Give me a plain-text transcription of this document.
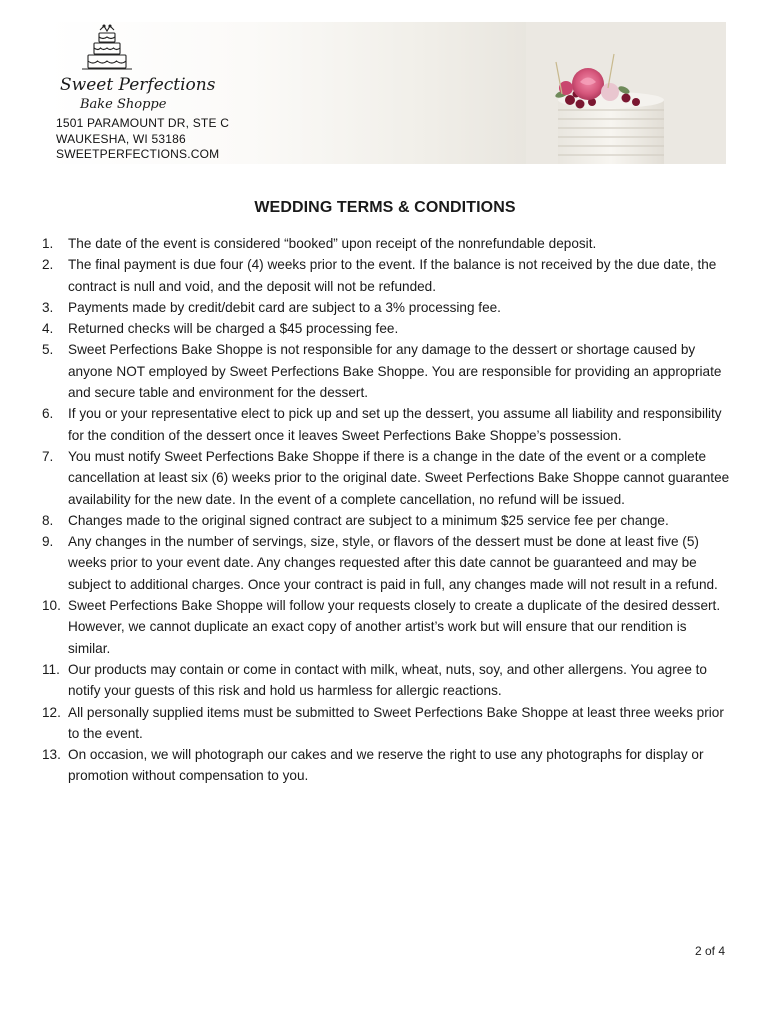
Sweet Perfections
Bake Shoppe
1501 PARAMOUNT DR, STE C
WAUKESHA, WI 53186
SWEETPERFECTIONS.COM
WEDDING TERMS & CONDITIONS
1. The date of the event is considered “booked” upon receipt of the nonrefundable deposit.
2. The final payment is due four (4) weeks prior to the event. If the balance is not received by the due date, the contract is null and void, and the deposit will not be refunded.
3. Payments made by credit/debit card are subject to a 3% processing fee.
4. Returned checks will be charged a $45 processing fee.
5. Sweet Perfections Bake Shoppe is not responsible for any damage to the dessert or shortage caused by anyone NOT employed by Sweet Perfections Bake Shoppe. You are responsible for providing an appropriate and secure table and environment for the dessert.
6. If you or your representative elect to pick up and set up the dessert, you assume all liability and responsibility for the condition of the dessert once it leaves Sweet Perfections Bake Shoppe’s possession.
7. You must notify Sweet Perfections Bake Shoppe if there is a change in the date of the event or a complete cancellation at least six (6) weeks prior to the original date. Sweet Perfections Bake Shoppe cannot guarantee availability for the new date. In the event of a complete cancellation, no refund will be issued.
8. Changes made to the original signed contract are subject to a minimum $25 service fee per change.
9. Any changes in the number of servings, size, style, or flavors of the dessert must be done at least five (5) weeks prior to your event date. Any changes requested after this date cannot be guaranteed and may be subject to additional charges. Once your contract is paid in full, any changes made will not result in a refund.
10. Sweet Perfections Bake Shoppe will follow your requests closely to create a duplicate of the desired dessert. However, we cannot duplicate an exact copy of another artist’s work but will ensure that our rendition is similar.
11. Our products may contain or come in contact with milk, wheat, nuts, soy, and other allergens. You agree to notify your guests of this risk and hold us harmless for allergic reactions.
12. All personally supplied items must be submitted to Sweet Perfections Bake Shoppe at least three weeks prior to the event.
13. On occasion, we will photograph our cakes and we reserve the right to use any photographs for display or promotion without compensation to you.
2 of 4
